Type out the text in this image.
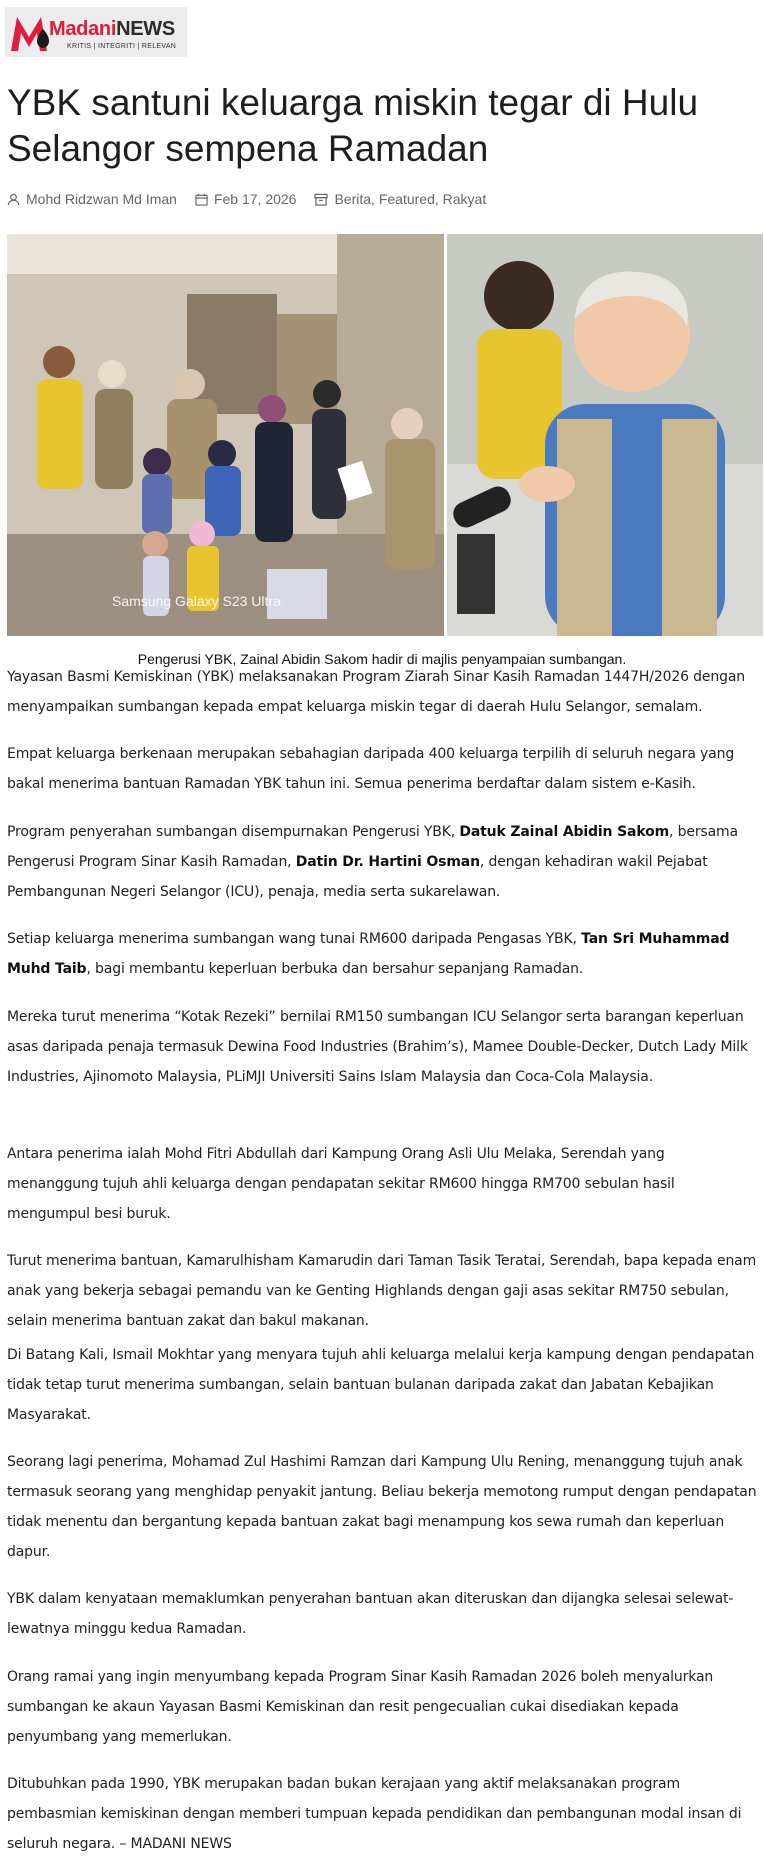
MadaniNEWS
KRITIS | INTEGRITI | RELEVAN
YBK santuni keluarga miskin tegar di Hulu Selangor sempena Ramadan
Mohd Ridzwan Md Iman	Feb 17, 2026	Berita, Featured, Rakyat
Samsung Galaxy S23 Ultra
Pengerusi YBK, Zainal Abidin Sakom hadir di majlis penyampaian sumbangan.

Yayasan Basmi Kemiskinan (YBK) melaksanakan Program Ziarah Sinar Kasih Ramadan 1447H/2026 dengan menyampaikan sumbangan kepada empat keluarga miskin tegar di daerah Hulu Selangor, semalam.

Empat keluarga berkenaan merupakan sebahagian daripada 400 keluarga terpilih di seluruh negara yang bakal menerima bantuan Ramadan YBK tahun ini. Semua penerima berdaftar dalam sistem e-Kasih.

Program penyerahan sumbangan disempurnakan Pengerusi YBK, Datuk Zainal Abidin Sakom, bersama Pengerusi Program Sinar Kasih Ramadan, Datin Dr. Hartini Osman, dengan kehadiran wakil Pejabat Pembangunan Negeri Selangor (ICU), penaja, media serta sukarelawan.

Setiap keluarga menerima sumbangan wang tunai RM600 daripada Pengasas YBK, Tan Sri Muhammad Muhd Taib, bagi membantu keperluan berbuka dan bersahur sepanjang Ramadan.

Mereka turut menerima “Kotak Rezeki” bernilai RM150 sumbangan ICU Selangor serta barangan keperluan asas daripada penaja termasuk Dewina Food Industries (Brahim’s), Mamee Double-Decker, Dutch Lady Milk Industries, Ajinomoto Malaysia, PLiMJI Universiti Sains Islam Malaysia dan Coca-Cola Malaysia.

Antara penerima ialah Mohd Fitri Abdullah dari Kampung Orang Asli Ulu Melaka, Serendah yang menanggung tujuh ahli keluarga dengan pendapatan sekitar RM600 hingga RM700 sebulan hasil mengumpul besi buruk.

Turut menerima bantuan, Kamarulhisham Kamarudin dari Taman Tasik Teratai, Serendah, bapa kepada enam anak yang bekerja sebagai pemandu van ke Genting Highlands dengan gaji asas sekitar RM750 sebulan, selain menerima bantuan zakat dan bakul makanan.

Di Batang Kali, Ismail Mokhtar yang menyara tujuh ahli keluarga melalui kerja kampung dengan pendapatan tidak tetap turut menerima sumbangan, selain bantuan bulanan daripada zakat dan Jabatan Kebajikan Masyarakat.

Seorang lagi penerima, Mohamad Zul Hashimi Ramzan dari Kampung Ulu Rening, menanggung tujuh anak termasuk seorang yang menghidap penyakit jantung. Beliau bekerja memotong rumput dengan pendapatan tidak menentu dan bergantung kepada bantuan zakat bagi menampung kos sewa rumah dan keperluan dapur.

YBK dalam kenyataan memaklumkan penyerahan bantuan akan diteruskan dan dijangka selesai selewat-lewatnya minggu kedua Ramadan.

Orang ramai yang ingin menyumbang kepada Program Sinar Kasih Ramadan 2026 boleh menyalurkan sumbangan ke akaun Yayasan Basmi Kemiskinan dan resit pengecualian cukai disediakan kepada penyumbang yang memerlukan.

Ditubuhkan pada 1990, YBK merupakan badan bukan kerajaan yang aktif melaksanakan program pembasmian kemiskinan dengan memberi tumpuan kepada pendidikan dan pembangunan modal insan di seluruh negara. – MADANI NEWS
